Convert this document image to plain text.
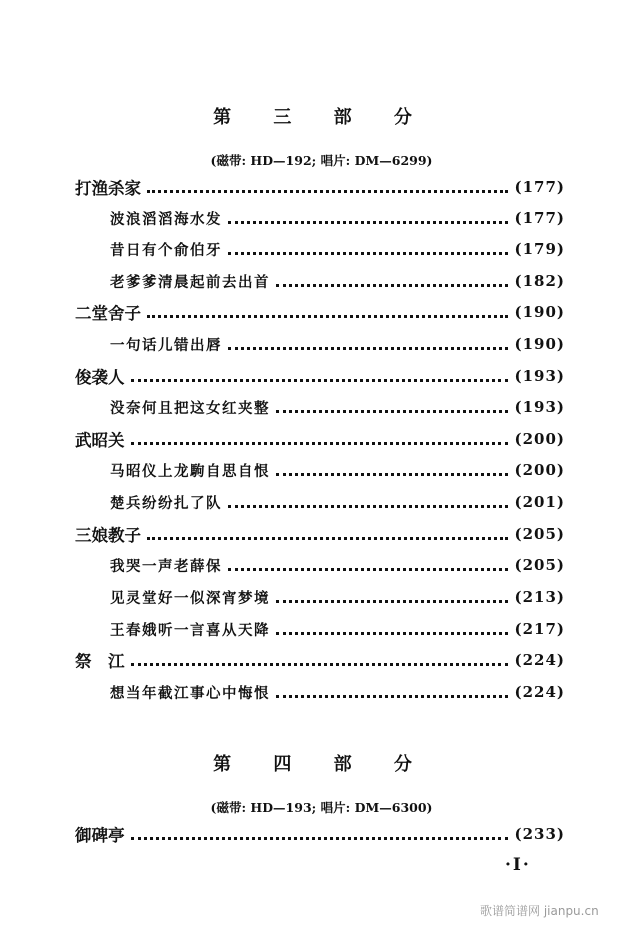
第 三 部 分
(磁带: HD—192; 唱片: DM—6299)
打渔杀家	(177)
波浪滔滔海水发	(177)
昔日有个俞伯牙	(179)
老爹爹清晨起前去出首	(182)
二堂舍子	(190)
一句话儿错出唇	(190)
俊袭人	(193)
没奈何且把这女红夹整	(193)
武昭关	(200)
马昭仪上龙駒自思自恨	(200)
楚兵纷纷扎了队	(201)
三娘教子	(205)
我哭一声老薛保	(205)
见灵堂好一似深宵梦境	(213)
王春娥听一言喜从天降	(217)
祭　江	(224)
想当年截江事心中悔恨	(224)
第 四 部 分
(磁带: HD—193; 唱片: DM—6300)
御碑亭	(233)
·Ⅰ·
歌谱简谱网 jianpu.cn
